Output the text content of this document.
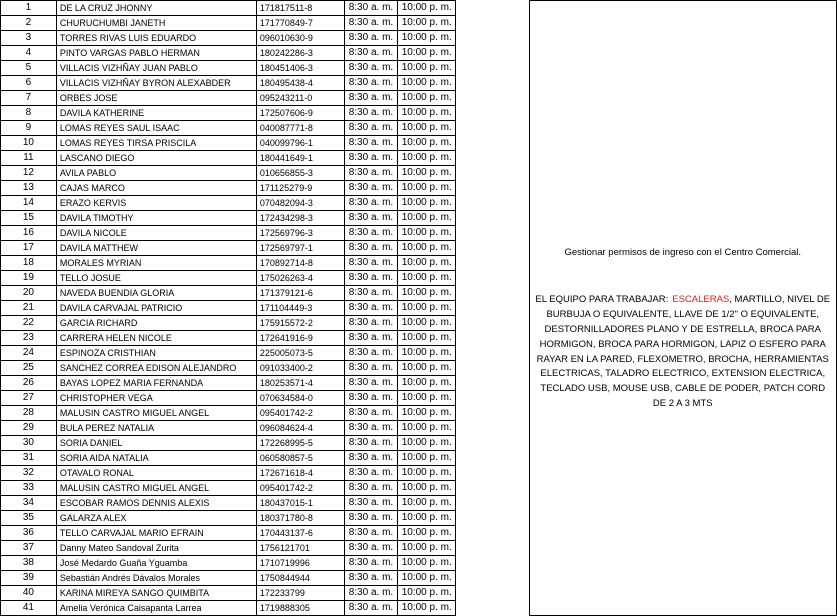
1	DE LA CRUZ JHONNY	171817511-8	8:30 a. m.	10:00 p. m.		Gestionar permisos de ingreso con el Centro Comercial.
EL EQUIPO PARA TRABAJAR: ESCALERAS, MARTILLO, NIVEL DE BURBUJA O EQUIVALENTE, LLAVE DE 1/2" O EQUIVALENTE, DESTORNILLADORES PLANO Y DE ESTRELLA, BROCA PARA HORMIGON, BROCA PARA HORMIGON, LAPIZ O ESFERO PARA RAYAR EN LA PARED, FLEXOMETRO, BROCHA, HERRAMIENTAS ELECTRICAS, TALADRO ELECTRICO, EXTENSION ELECTRICA, TECLADO USB, MOUSE USB, CABLE DE PODER, PATCH CORD DE 2 A 3 MTS

2	CHURUCHUMBI JANETH	171770849-7	8:30 a. m.	10:00 p. m.		
3	TORRES RIVAS LUIS EDUARDO	096010630-9	8:30 a. m.	10:00 p. m.		
4	PINTO VARGAS PABLO HERMAN	180242286-3	8:30 a. m.	10:00 p. m.		
5	VILLACIS VIZHÑAY JUAN PABLO	180451406-3	8:30 a. m.	10:00 p. m.		
6	VILLACIS VIZHÑAY BYRON ALEXABDER	180495438-4	8:30 a. m.	10:00 p. m.		
7	ORBES JOSE	095243211-0	8:30 a. m.	10:00 p. m.		
8	DAVILA KATHERINE	172507606-9	8:30 a. m.	10:00 p. m.		
9	LOMAS REYES SAUL ISAAC	040087771-8	8:30 a. m.	10:00 p. m.		
10	LOMAS REYES TIRSA PRISCILA	040099796-1	8:30 a. m.	10:00 p. m.		
11	LASCANO DIEGO	180441649-1	8:30 a. m.	10:00 p. m.		
12	AVILA PABLO	010656855-3	8:30 a. m.	10:00 p. m.		
13	CAJAS MARCO	171125279-9	8:30 a. m.	10:00 p. m.		
14	ERAZO KERVIS	070482094-3	8:30 a. m.	10:00 p. m.		
15	DAVILA TIMOTHY	172434298-3	8:30 a. m.	10:00 p. m.		
16	DAVILA NICOLE	172569796-3	8:30 a. m.	10:00 p. m.		
17	DAVILA MATTHEW	172569797-1	8:30 a. m.	10:00 p. m.		
18	MORALES MYRIAN	170892714-8	8:30 a. m.	10:00 p. m.		
19	TELLO JOSUE	175026263-4	8:30 a. m.	10:00 p. m.		
20	NAVEDA BUENDIA GLORIA	171379121-6	8:30 a. m.	10:00 p. m.		
21	DAVILA CARVAJAL PATRICIO	171104449-3	8:30 a. m.	10:00 p. m.		
22	GARCIA RICHARD	175915572-2	8:30 a. m.	10:00 p. m.		
23	CARRERA HELEN NICOLE	172641916-9	8:30 a. m.	10:00 p. m.		
24	ESPINOZA CRISTHIAN	225005073-5	8:30 a. m.	10:00 p. m.		
25	SANCHEZ CORREA EDISON ALEJANDRO	091033400-2	8:30 a. m.	10:00 p. m.		
26	BAYAS LOPEZ MARIA FERNANDA	180253571-4	8:30 a. m.	10:00 p. m.		
27	CHRISTOPHER VEGA	070634584-0	8:30 a. m.	10:00 p. m.		
28	MALUSIN CASTRO MIGUEL ANGEL	095401742-2	8:30 a. m.	10:00 p. m.		
29	BULA PEREZ NATALIA	096084624-4	8:30 a. m.	10:00 p. m.		
30	SORIA DANIEL	172268995-5	8:30 a. m.	10:00 p. m.		
31	SORIA AIDA NATALIA	060580857-5	8:30 a. m.	10:00 p. m.		
32	OTAVALO RONAL	172671618-4	8:30 a. m.	10:00 p. m.		
33	MALUSIN CASTRO MIGUEL ANGEL	095401742-2	8:30 a. m.	10:00 p. m.		
34	ESCOBAR RAMOS DENNIS ALEXIS	180437015-1	8:30 a. m.	10:00 p. m.		
35	GALARZA ALEX	180371780-8	8:30 a. m.	10:00 p. m.		
36	TELLO CARVAJAL MARIO EFRAIN	170443137-6	8:30 a. m.	10:00 p. m.		
37	Danny Mateo Sandoval Zurita	1756121701	8:30 a. m.	10:00 p. m.		
38	José Medardo Guaña Yguamba	1710719996	8:30 a. m.	10:00 p. m.		
39	Sebastián Andrés Dávalos Morales	1750844944	8:30 a. m.	10:00 p. m.		
40	KARINA MIREYA SANGO QUIMBITA	172233799	8:30 a. m.	10:00 p. m.		
41	Amelia Verónica Caisapanta Larrea	1719888305	8:30 a. m.	10:00 p. m.		
